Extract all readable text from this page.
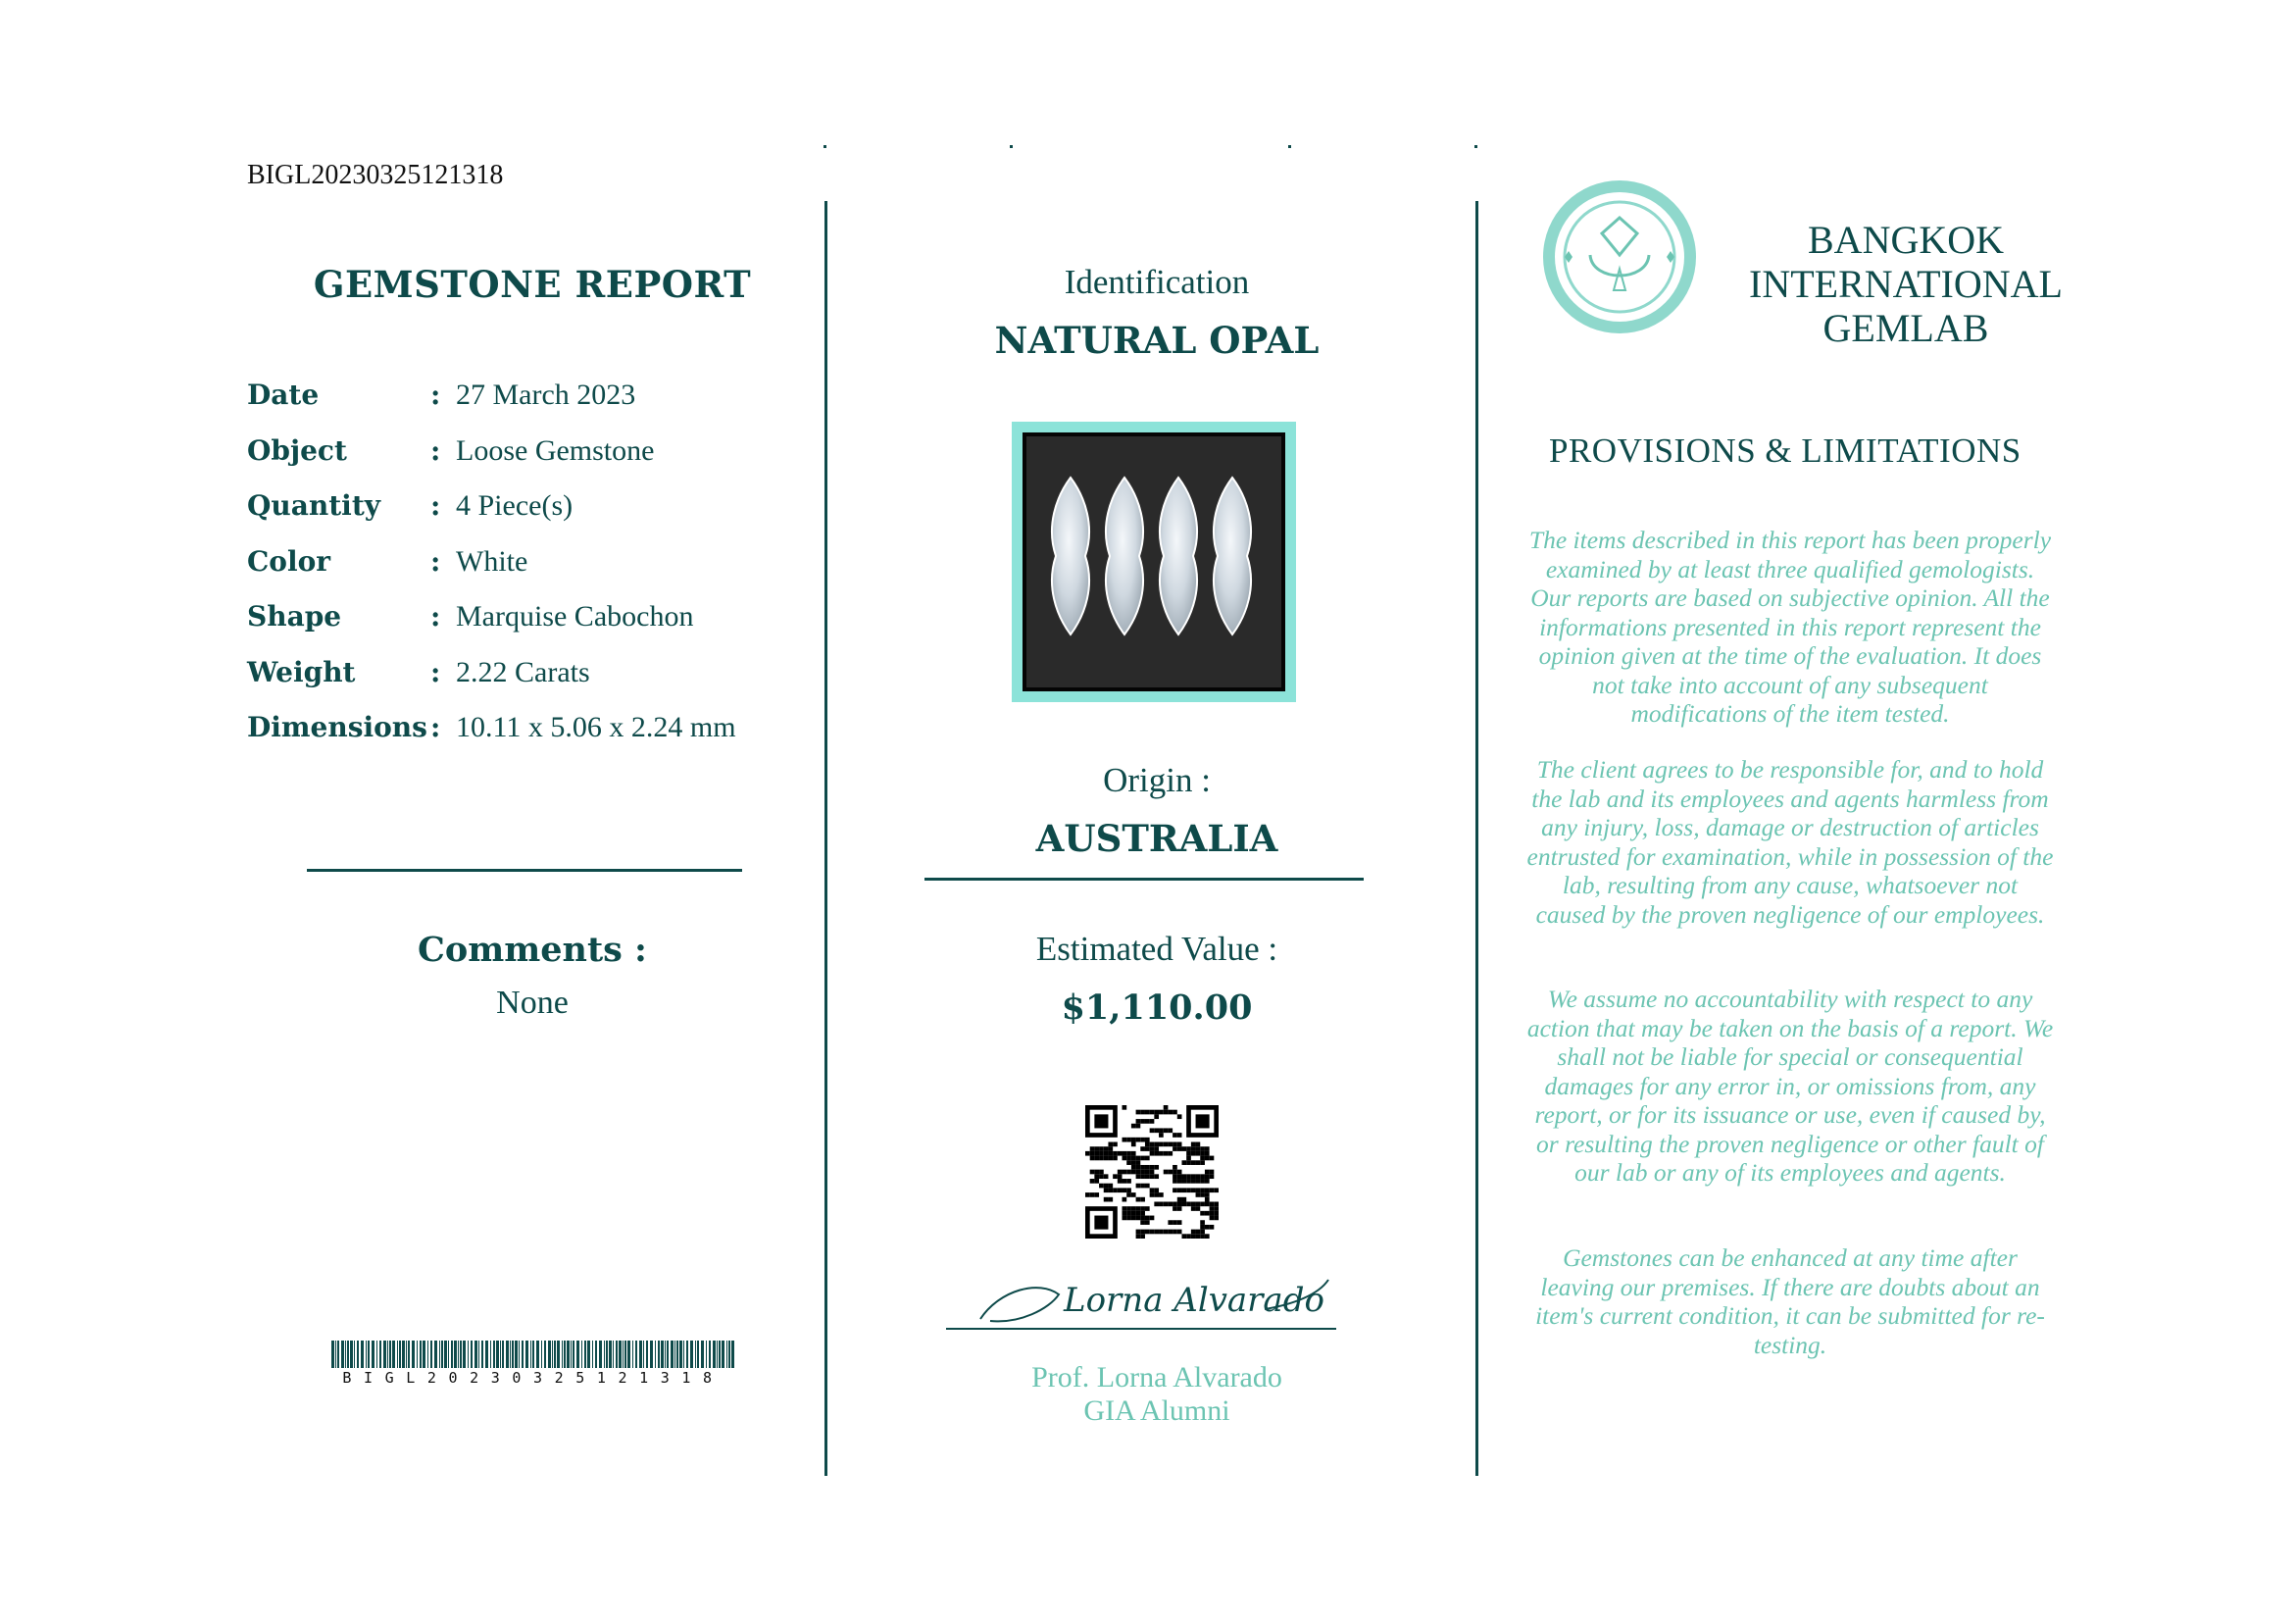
BIGL20230325121318
GEMSTONE REPORT
Date	: 27 March 2023
Object	: Loose Gemstone
Quantity : 4 Piece(s)
Color	: White
Shape	: Marquise Cabochon
Weight	: 2.22 Carats
Dimensions : 10.11 x 5.06 x 2.24 mm
Comments :
None
BIGL20230325121318
Identification
NATURAL OPAL
Origin :
AUSTRALIA
Estimated Value :
$1,110.00
Lorna Alvarado
Prof. Lorna Alvarado
GIA Alumni
BANGKOK
INTERNATIONAL
GEMLAB
PROVISIONS & LIMITATIONS
The items described in this report has been properly examined by at least three qualified gemologists. Our reports are based on subjective opinion. All the informations presented in this report represent the opinion given at the time of the evaluation. It does not take into account of any subsequent modifications of the item tested.
The client agrees to be responsible for, and to hold the lab and its employees and agents harmless from any injury, loss, damage or destruction of articles entrusted for examination, while in possession of the lab, resulting from any cause, whatsoever not caused by the proven negligence of our employees.
We assume no accountability with respect to any action that may be taken on the basis of a report. We shall not be liable for special or consequential damages for any error in, or omissions from, any report, or for its issuance or use, even if caused by, or resulting the proven negligence or other fault of our lab or any of its employees and agents.
Gemstones can be enhanced at any time after leaving our premises. If there are doubts about an item's current condition, it can be submitted for re-testing.
